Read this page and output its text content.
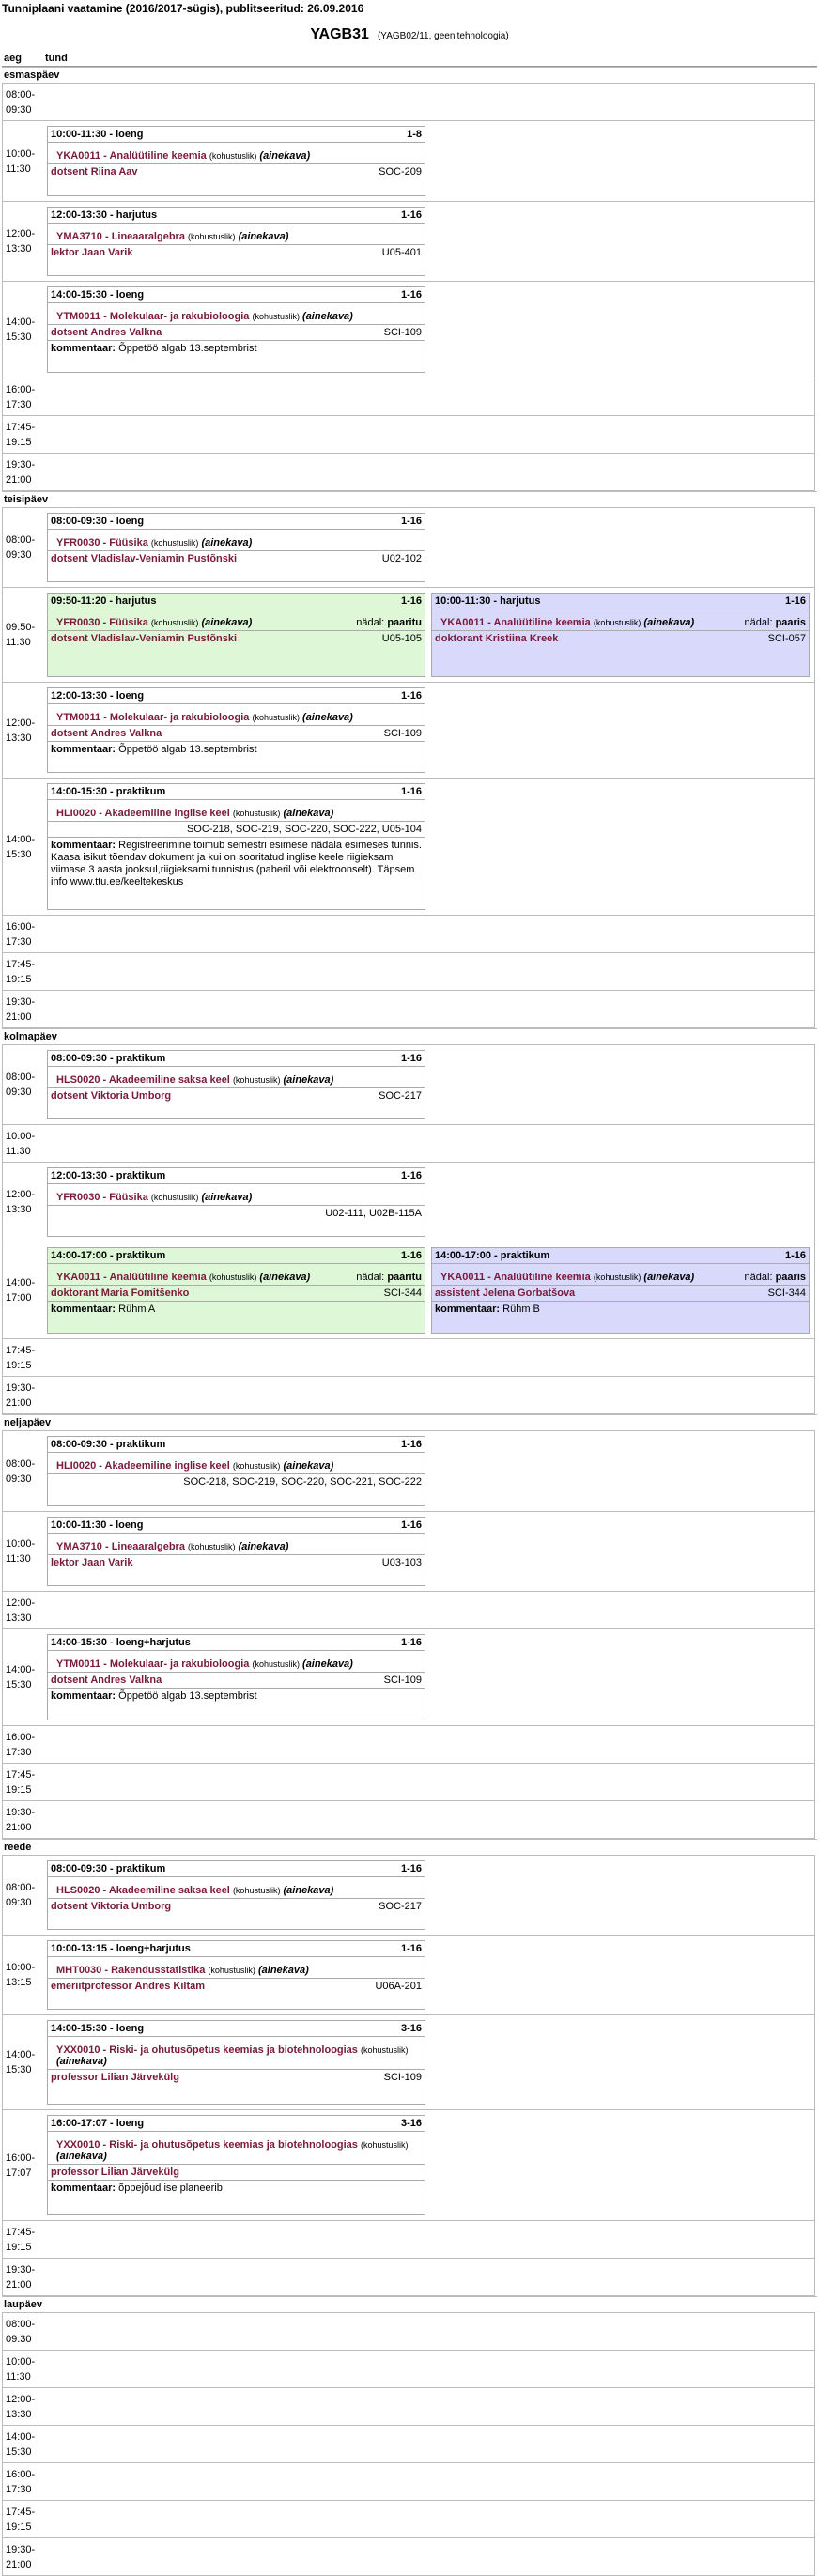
Tunniplaani vaatamine (2016/2017-sügis), publitseeritud: 26.09.2016
YAGB31 (YAGB02/11, geenitehnoloogia)
aeg	tund
esmaspäev
08:00-09:30
10:00-11:30
10:00-11:30 - loeng	1-8
YKA0011 - Analüütiline keemia (kohustuslik) (ainekava)
dotsent Riina Aav	SOC-209
12:00-13:30
12:00-13:30 - harjutus	1-16
YMA3710 - Lineaaralgebra (kohustuslik) (ainekava)
lektor Jaan Varik	U05-401
14:00-15:30
14:00-15:30 - loeng	1-16
YTM0011 - Molekulaar- ja rakubioloogia (kohustuslik) (ainekava)
dotsent Andres Valkna	SCI-109
kommentaar: Õppetöö algab 13.septembrist
16:00-17:30
17:45-19:15
19:30-21:00
teisipäev
08:00-09:30
08:00-09:30 - loeng	1-16
YFR0030 - Füüsika (kohustuslik) (ainekava)
dotsent Vladislav-Veniamin Pustõnski	U02-102
09:50-11:30
09:50-11:20 - harjutus	1-16
YFR0030 - Füüsika (kohustuslik) (ainekava)	nädal: paaritu
dotsent Vladislav-Veniamin Pustõnski	U05-105
10:00-11:30 - harjutus	1-16
YKA0011 - Analüütiline keemia (kohustuslik) (ainekava)	nädal: paaris
doktorant Kristiina Kreek	SCI-057
12:00-13:30
12:00-13:30 - loeng	1-16
YTM0011 - Molekulaar- ja rakubioloogia (kohustuslik) (ainekava)
dotsent Andres Valkna	SCI-109
kommentaar: Õppetöö algab 13.septembrist
14:00-15:30
14:00-15:30 - praktikum	1-16
HLI0020 - Akadeemiline inglise keel (kohustuslik) (ainekava)
SOC-218, SOC-219, SOC-220, SOC-222, U05-104
kommentaar: Registreerimine toimub semestri esimese nädala esimeses tunnis. Kaasa isikut tõendav dokument ja kui on sooritatud inglise keele riigieksam viimase 3 aasta jooksul,riigieksami tunnistus (paberil või elektroonselt). Täpsem info www.ttu.ee/keeltekeskus
16:00-17:30
17:45-19:15
19:30-21:00
kolmapäev
08:00-09:30
08:00-09:30 - praktikum	1-16
HLS0020 - Akadeemiline saksa keel (kohustuslik) (ainekava)
dotsent Viktoria Umborg	SOC-217
10:00-11:30
12:00-13:30
12:00-13:30 - praktikum	1-16
YFR0030 - Füüsika (kohustuslik) (ainekava)
U02-111, U02B-115A
14:00-17:00
14:00-17:00 - praktikum	1-16
YKA0011 - Analüütiline keemia (kohustuslik) (ainekava)	nädal: paaritu
doktorant Maria Fomitšenko	SCI-344
kommentaar: Rühm A
14:00-17:00 - praktikum	1-16
YKA0011 - Analüütiline keemia (kohustuslik) (ainekava)	nädal: paaris
assistent Jelena Gorbatšova	SCI-344
kommentaar: Rühm B
17:45-19:15
19:30-21:00
neljapäev
08:00-09:30
08:00-09:30 - praktikum	1-16
HLI0020 - Akadeemiline inglise keel (kohustuslik) (ainekava)
SOC-218, SOC-219, SOC-220, SOC-221, SOC-222
10:00-11:30
10:00-11:30 - loeng	1-16
YMA3710 - Lineaaralgebra (kohustuslik) (ainekava)
lektor Jaan Varik	U03-103
12:00-13:30
14:00-15:30
14:00-15:30 - loeng+harjutus	1-16
YTM0011 - Molekulaar- ja rakubioloogia (kohustuslik) (ainekava)
dotsent Andres Valkna	SCI-109
kommentaar: Õppetöö algab 13.septembrist
16:00-17:30
17:45-19:15
19:30-21:00
reede
08:00-09:30
08:00-09:30 - praktikum	1-16
HLS0020 - Akadeemiline saksa keel (kohustuslik) (ainekava)
dotsent Viktoria Umborg	SOC-217
10:00-13:15
10:00-13:15 - loeng+harjutus	1-16
MHT0030 - Rakendusstatistika (kohustuslik) (ainekava)
emeriitprofessor Andres Kiltam	U06A-201
14:00-15:30
14:00-15:30 - loeng	3-16
YXX0010 - Riski- ja ohutusõpetus keemias ja biotehnoloogias (kohustuslik) (ainekava)
professor Lilian Järvekülg	SCI-109
16:00-17:07
16:00-17:07 - loeng	3-16
YXX0010 - Riski- ja ohutusõpetus keemias ja biotehnoloogias (kohustuslik) (ainekava)
professor Lilian Järvekülg
kommentaar: õppejõud ise planeerib
17:45-19:15
19:30-21:00
laupäev
08:00-09:30
10:00-11:30
12:00-13:30
14:00-15:30
16:00-17:30
17:45-19:15
19:30-21:00
